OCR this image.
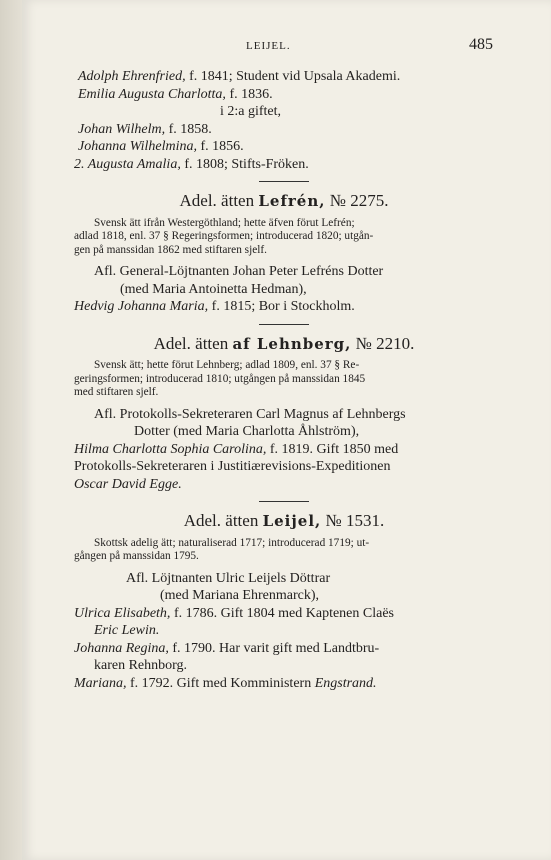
LEIJEL.	485
Adolph Ehrenfried, f. 1841; Student vid Upsala Akademi.
Emilia Augusta Charlotta, f. 1836.
i 2:a giftet,
Johan Wilhelm, f. 1858.
Johanna Wilhelmina, f. 1856.
2. Augusta Amalia, f. 1808; Stifts-Fröken.
Adel. ätten Lefrén, № 2275.
Svensk ätt ifrån Westergöthland; hette äfven förut Lefrén;
adlad 1818, enl. 37 § Regeringsformen; introducerad 1820; utgån-
gen på manssidan 1862 med stiftaren sjelf.
Afl. General-Löjtnanten Johan Peter Lefréns Dotter
(med Maria Antoinetta Hedman),
Hedvig Johanna Maria, f. 1815; Bor i Stockholm.
Adel. ätten af Lehnberg, № 2210.
Svensk ätt; hette förut Lehnberg; adlad 1809, enl. 37 § Re-
geringsformen; introducerad 1810; utgången på manssidan 1845
med stiftaren sjelf.
Afl. Protokolls-Sekreteraren Carl Magnus af Lehnbergs
Dotter (med Maria Charlotta Åhlström),
Hilma Charlotta Sophia Carolina, f. 1819. Gift 1850 med
Protokolls-Sekreteraren i Justitiærevisions-Expeditionen
Oscar David Egge.
Adel. ätten Leijel, № 1531.
Skottsk adelig ätt; naturaliserad 1717; introducerad 1719; ut-
gången på manssidan 1795.
Afl. Löjtnanten Ulric Leijels Döttrar
(med Mariana Ehrenmarck),
Ulrica Elisabeth, f. 1786. Gift 1804 med Kaptenen Claës
Eric Lewin.
Johanna Regina, f. 1790. Har varit gift med Landtbru-
karen Rehnborg.
Mariana, f. 1792. Gift med Komministern Engstrand.
